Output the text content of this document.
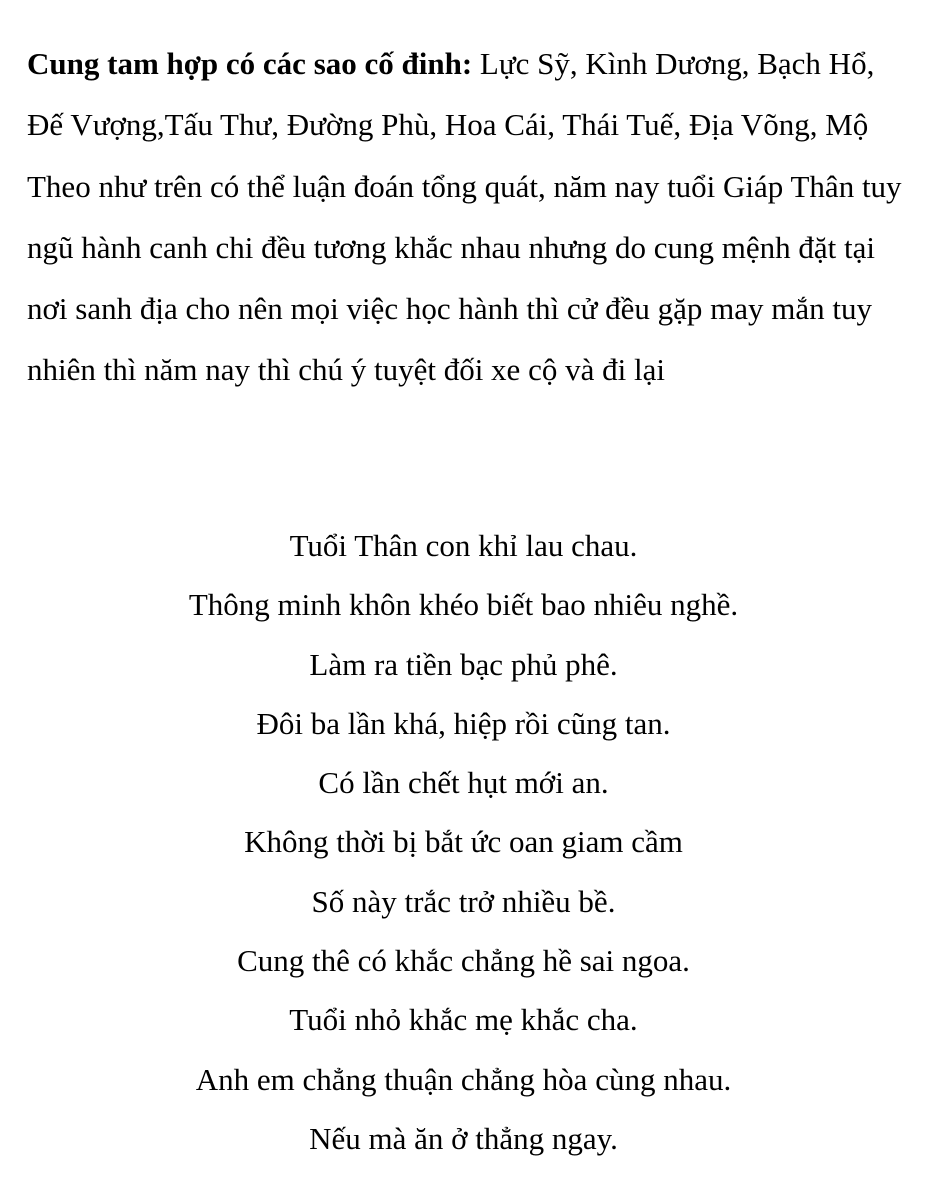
Cung tam hợp có các sao cố đinh: Lực Sỹ, Kình Dương, Bạch Hổ, Đế Vượng,Tấu Thư, Đường Phù, Hoa Cái, Thái Tuế, Địa Võng, Mộ

Theo như trên có thể luận đoán tổng quát, năm nay tuổi Giáp Thân tuy ngũ hành canh chi đều tương khắc nhau nhưng do cung mệnh đặt tại nơi sanh địa cho nên mọi việc học hành thì cử đều gặp may mắn tuy nhiên thì năm nay thì chú ý tuyệt đối xe cộ và đi lại

Tuổi Thân con khỉ lau chau.
Thông minh khôn khéo biết bao nhiêu nghề.
Làm ra tiền bạc phủ phê.
Đôi ba lần khá, hiệp rồi cũng tan.
Có lần chết hụt mới an.
Không thời bị bắt ức oan giam cầm
Số này trắc trở nhiều bề.
Cung thê có khắc chẳng hề sai ngoa.
Tuổi nhỏ khắc mẹ khắc cha.
Anh em chẳng thuận chẳng hòa cùng nhau.
Nếu mà ăn ở thẳng ngay.
